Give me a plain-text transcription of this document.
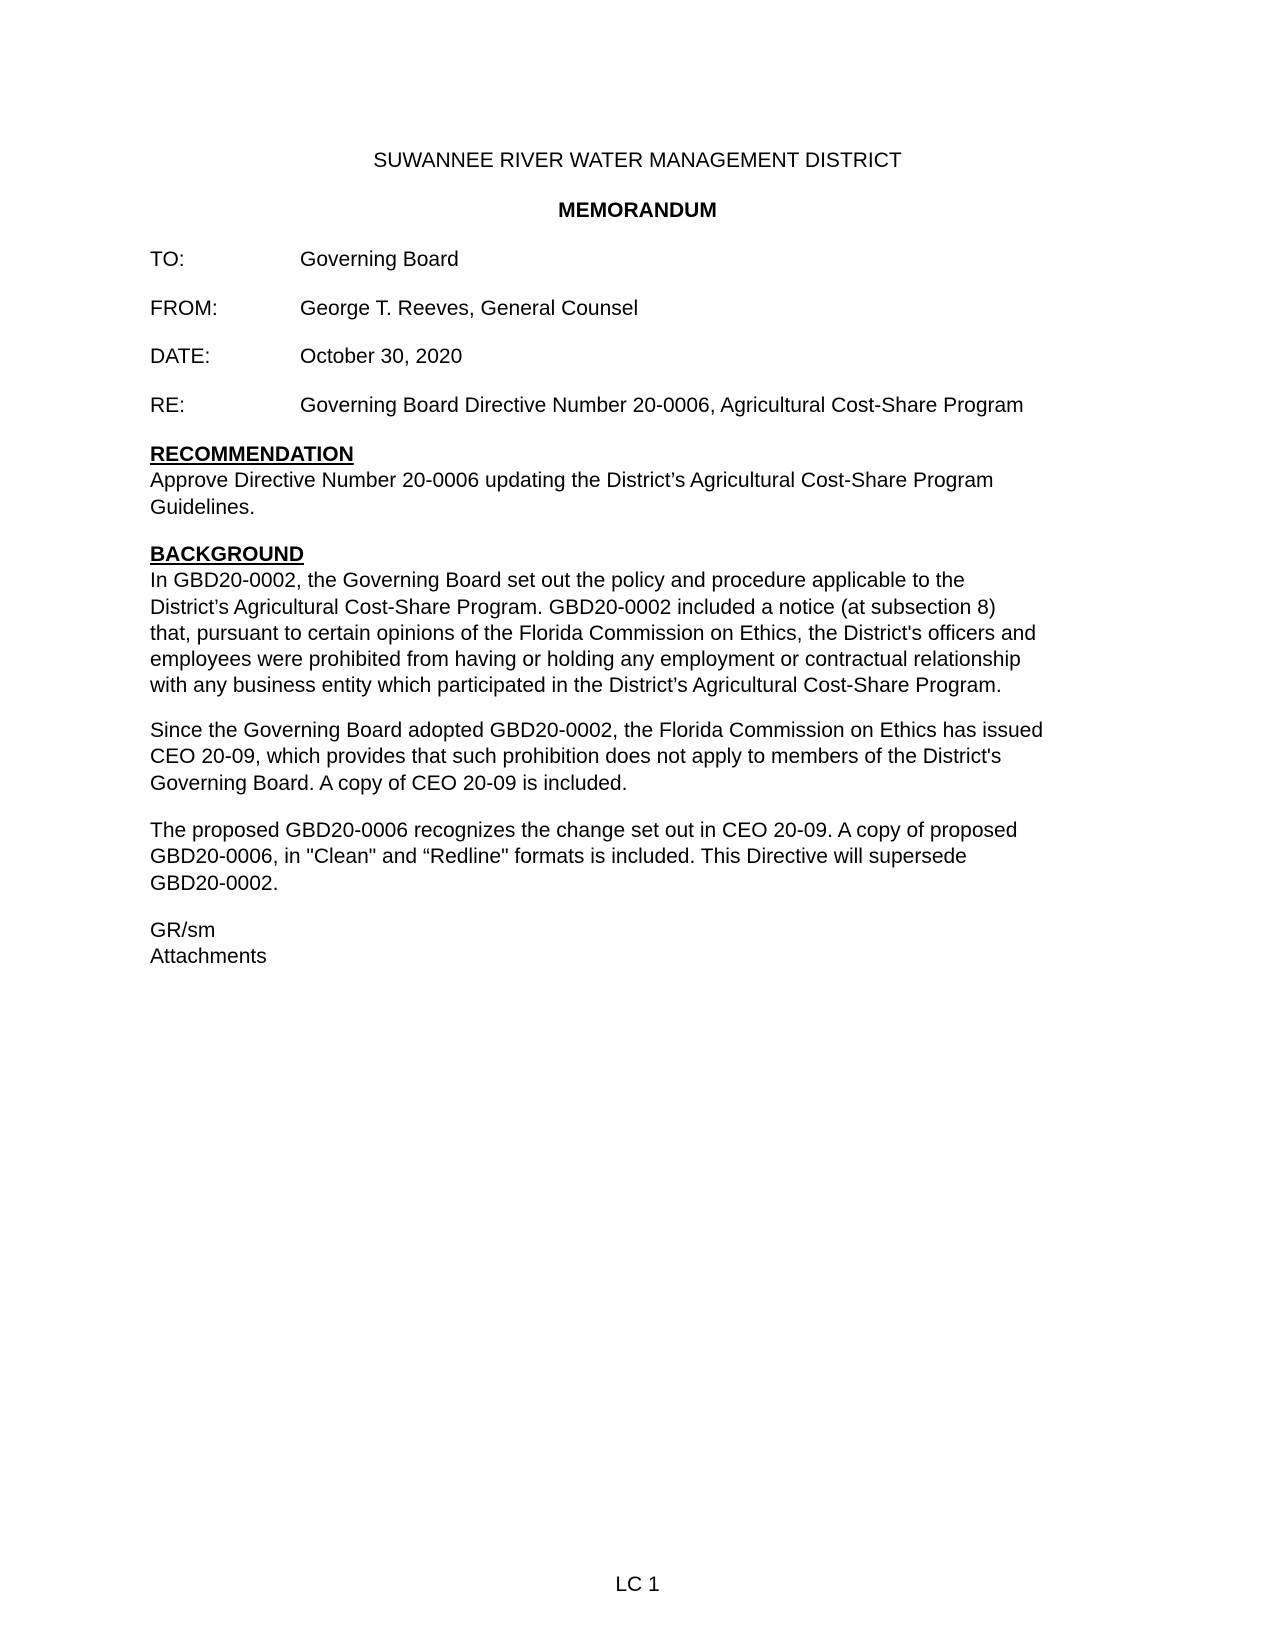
SUWANNEE RIVER WATER MANAGEMENT DISTRICT
MEMORANDUM
TO:	Governing Board
FROM:	George T. Reeves, General Counsel
DATE:	October 30, 2020
RE:	Governing Board Directive Number 20-0006, Agricultural Cost-Share Program
RECOMMENDATION

Approve Directive Number 20-0006 updating the District’s Agricultural Cost-Share Program
Guidelines.

BACKGROUND

In GBD20-0002, the Governing Board set out the policy and procedure applicable to the
District’s Agricultural Cost-Share Program. GBD20-0002 included a notice (at subsection 8)
that, pursuant to certain opinions of the Florida Commission on Ethics, the District's officers and
employees were prohibited from having or holding any employment or contractual relationship
with any business entity which participated in the District’s Agricultural Cost-Share Program.

Since the Governing Board adopted GBD20-0002, the Florida Commission on Ethics has issued
CEO 20-09, which provides that such prohibition does not apply to members of the District's
Governing Board. A copy of CEO 20-09 is included.

The proposed GBD20-0006 recognizes the change set out in CEO 20-09. A copy of proposed
GBD20-0006, in "Clean" and “Redline" formats is included. This Directive will supersede
GBD20-0002.

GR/sm
Attachments
LC 1
